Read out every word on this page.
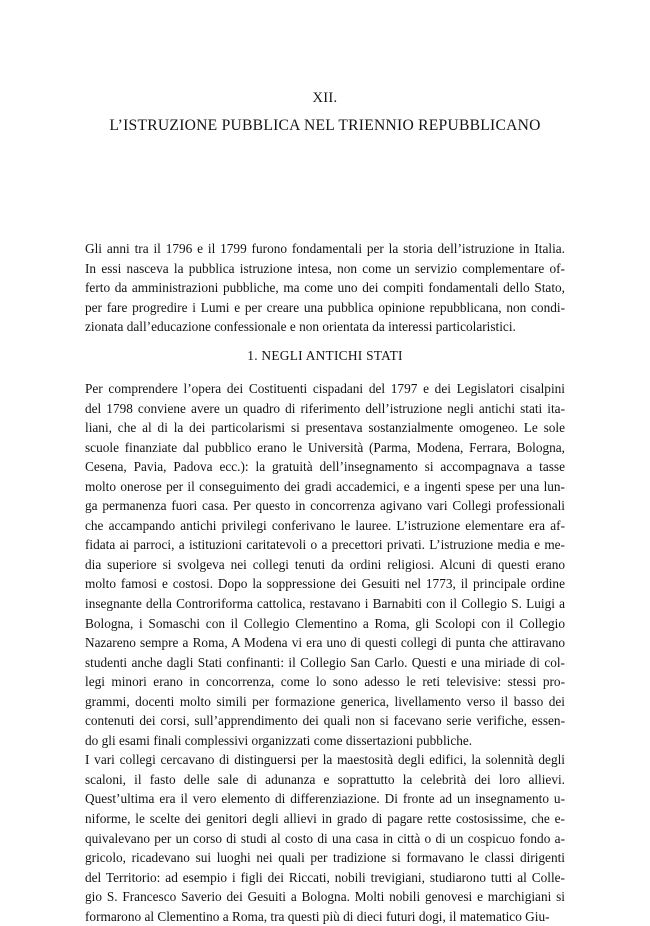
XII.
L’ISTRUZIONE PUBBLICA NEL TRIENNIO REPUBBLICANO

Gli anni tra il 1796 e il 1799 furono fondamentali per la storia dell’istruzione in Italia.
In essi nasceva la pubblica istruzione intesa, non come un servizio complementare of-
ferto da amministrazioni pubbliche, ma come uno dei compiti fondamentali dello Stato,
per fare progredire i Lumi e per creare una pubblica opinione repubblicana, non condi-
zionata dall’educazione confessionale e non orientata da interessi particolaristici.

1. NEGLI ANTICHI STATI

Per comprendere l’opera dei Costituenti cispadani del 1797 e dei Legislatori cisalpini
del 1798 conviene avere un quadro di riferimento dell’istruzione negli antichi stati ita-
liani, che al di la dei particolarismi si presentava sostanzialmente omogeneo. Le sole
scuole finanziate dal pubblico erano le Università (Parma, Modena, Ferrara, Bologna,
Cesena, Pavia, Padova ecc.): la gratuità dell’insegnamento si accompagnava a tasse
molto onerose per il conseguimento dei gradi accademici, e a ingenti spese per una lun-
ga permanenza fuori casa. Per questo in concorrenza agivano vari Collegi professionali
che accampando antichi privilegi conferivano le lauree. L’istruzione elementare era af-
fidata ai parroci, a istituzioni caritatevoli o a precettori privati. L’istruzione media e me-
dia superiore si svolgeva nei collegi tenuti da ordini religiosi. Alcuni di questi erano
molto famosi e costosi. Dopo la soppressione dei Gesuiti nel 1773, il principale ordine
insegnante della Controriforma cattolica, restavano i Barnabiti con il Collegio S. Luigi a
Bologna, i Somaschi con il Collegio Clementino a Roma, gli Scolopi con il Collegio
Nazareno sempre a Roma, A Modena vi era uno di questi collegi di punta che attiravano
studenti anche dagli Stati confinanti: il Collegio San Carlo. Questi e una miriade di col-
legi minori erano in concorrenza, come lo sono adesso le reti televisive: stessi pro-
grammi, docenti molto simili per formazione generica, livellamento verso il basso dei
contenuti dei corsi, sull’apprendimento dei quali non si facevano serie verifiche, essen-
do gli esami finali complessivi organizzati come dissertazioni pubbliche.

I vari collegi cercavano di distinguersi per la maestosità degli edifici, la solennità degli
scaloni, il fasto delle sale di adunanza e soprattutto la celebrità dei loro allievi.
Quest’ultima era il vero elemento di differenziazione. Di fronte ad un insegnamento u-
niforme, le scelte dei genitori degli allievi in grado di pagare rette costosissime, che e-
quivalevano per un corso di studi al costo di una casa in città o di un cospicuo fondo a-
gricolo, ricadevano sui luoghi nei quali per tradizione si formavano le classi dirigenti
del Territorio: ad esempio i figli dei Riccati, nobili trevigiani, studiarono tutti al Colle-
gio S. Francesco Saverio dei Gesuiti a Bologna. Molti nobili genovesi e marchigiani si
formarono al Clementino a Roma, tra questi più di dieci futuri dogi, il matematico Giu-
